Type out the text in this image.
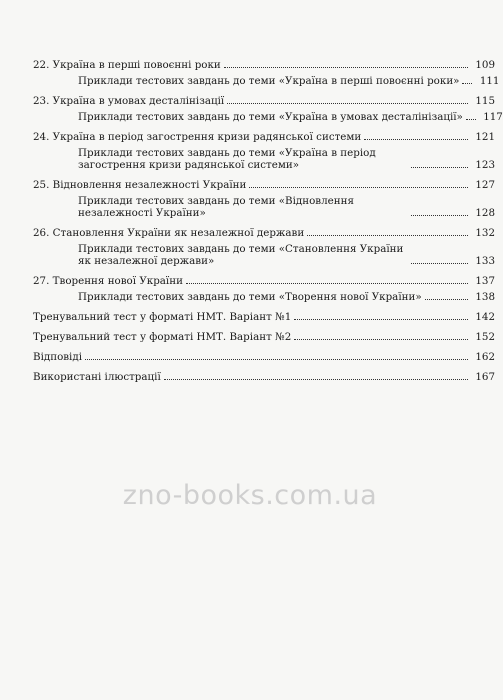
22. Україна в перші повоєнні роки	109
Приклади тестових завдань до теми «Україна в перші повоєнні роки»	111
23. Україна в умовах десталінізації	115
Приклади тестових завдань до теми «Україна в умовах десталінізації»	117
24. Україна в період загострення кризи радянської системи	121
Приклади тестових завдань до теми «Україна в період загострення кризи радянської системи»	123
25. Відновлення незалежності України	127
Приклади тестових завдань до теми «Відновлення незалежності України»	128
26. Становлення України як незалежної держави	132
Приклади тестових завдань до теми «Становлення України як незалежної держави»	133
27. Творення нової України	137
Приклади тестових завдань до теми «Творення нової України»	138
Тренувальний тест у форматі НМТ. Варіант №1	142
Тренувальний тест у форматі НМТ. Варіант №2	152
Відповіді	162
Використані ілюстрації	167
zno-books.com.ua
